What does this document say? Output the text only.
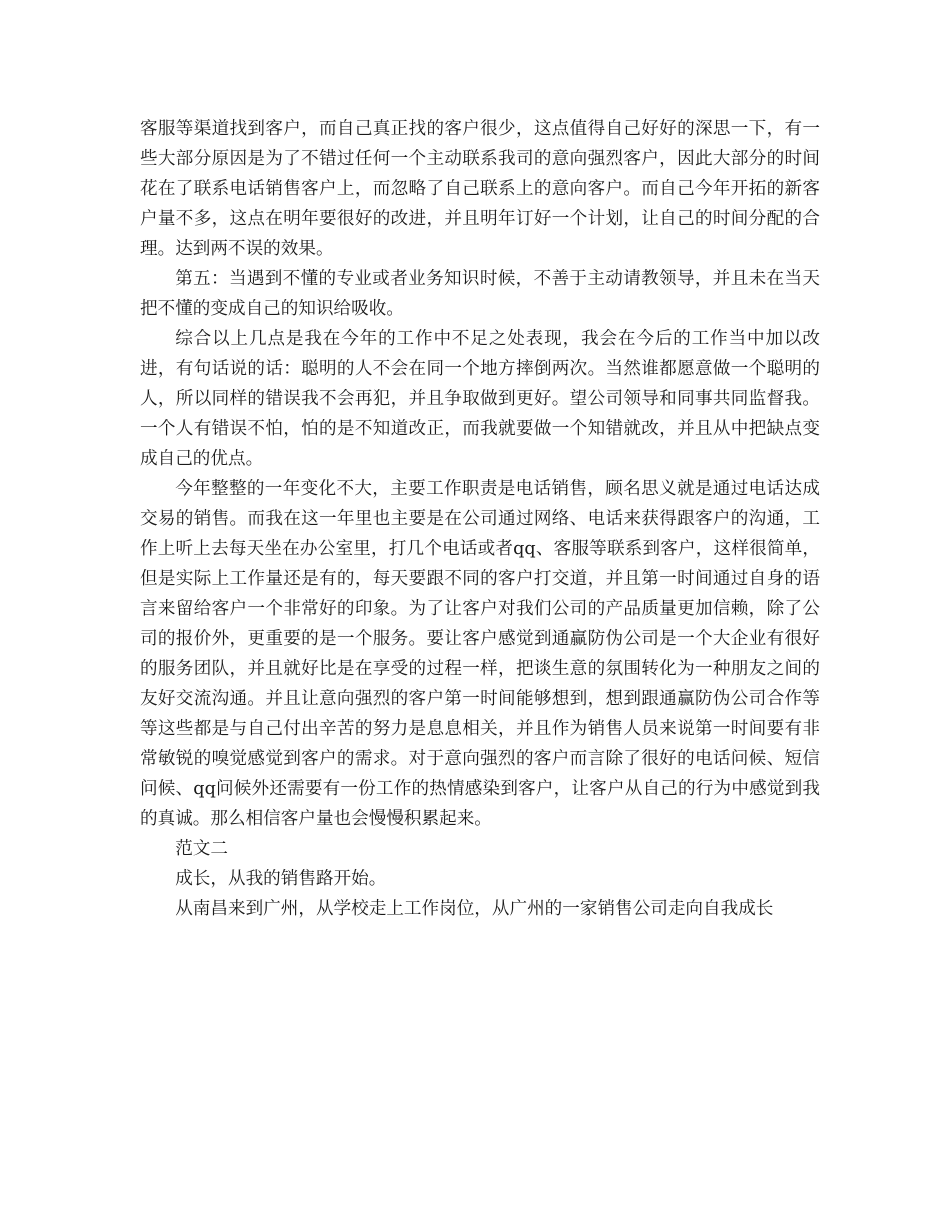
客服等渠道找到客户，而自己真正找的客户很少，这点值得自己好好的深思一下，有一些大部分原因是为了不错过任何一个主动联系我司的意向强烈客户，因此大部分的时间花在了联系电话销售客户上，而忽略了自己联系上的意向客户。而自己今年开拓的新客户量不多，这点在明年要很好的改进，并且明年订好一个计划，让自己的时间分配的合理。达到两不误的效果。

第五：当遇到不懂的专业或者业务知识时候，不善于主动请教领导，并且未在当天把不懂的变成自己的知识给吸收。

综合以上几点是我在今年的工作中不足之处表现，我会在今后的工作当中加以改进，有句话说的话：聪明的人不会在同一个地方摔倒两次。当然谁都愿意做一个聪明的人，所以同样的错误我不会再犯，并且争取做到更好。望公司领导和同事共同监督我。一个人有错误不怕，怕的是不知道改正，而我就要做一个知错就改，并且从中把缺点变成自己的优点。

今年整整的一年变化不大，主要工作职责是电话销售，顾名思义就是通过电话达成交易的销售。而我在这一年里也主要是在公司通过网络、电话来获得跟客户的沟通，工作上听上去每天坐在办公室里，打几个电话或者qq、客服等联系到客户，这样很简单，但是实际上工作量还是有的，每天要跟不同的客户打交道，并且第一时间通过自身的语言来留给客户一个非常好的印象。为了让客户对我们公司的产品质量更加信赖，除了公司的报价外，更重要的是一个服务。要让客户感觉到通赢防伪公司是一个大企业有很好的服务团队，并且就好比是在享受的过程一样，把谈生意的氛围转化为一种朋友之间的友好交流沟通。并且让意向强烈的客户第一时间能够想到，想到跟通赢防伪公司合作等等这些都是与自己付出辛苦的努力是息息相关，并且作为销售人员来说第一时间要有非常敏锐的嗅觉感觉到客户的需求。对于意向强烈的客户而言除了很好的电话问候、短信问候、qq问候外还需要有一份工作的热情感染到客户，让客户从自己的行为中感觉到我的真诚。那么相信客户量也会慢慢积累起来。

范文二

成长，从我的销售路开始。

从南昌来到广州，从学校走上工作岗位，从广州的一家销售公司走向自我成长
